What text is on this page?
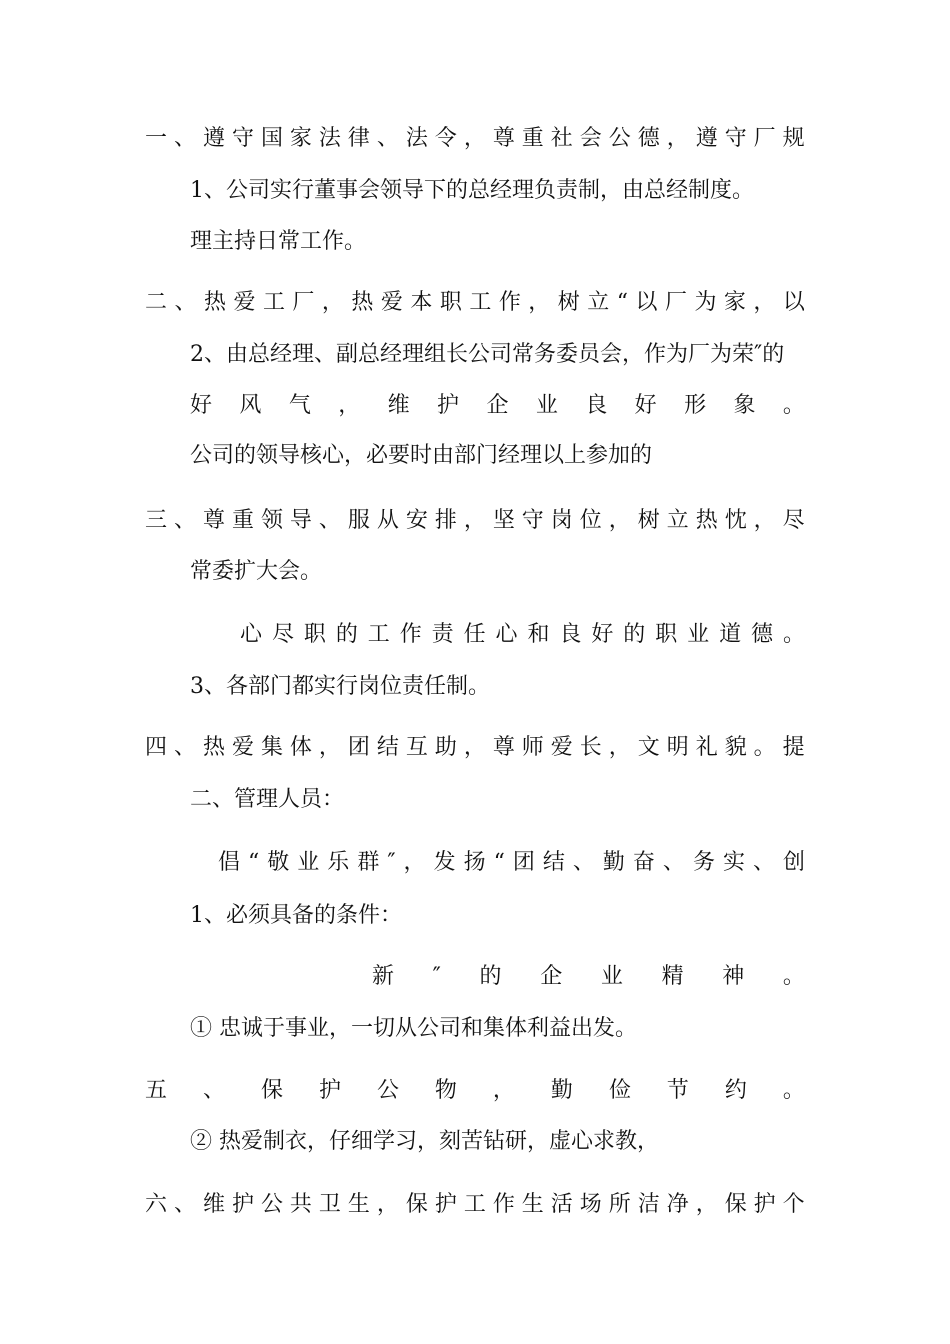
一 、 遵 守 国 家 法 律 、 法 令 ， 尊 重 社 会 公 德 ， 遵 守 厂 规
1、公司实行董事会领导下的总经理负责制，由总经制度。
理主持日常工作。
二 、 热 爱 工 厂 ， 热 爱 本 职 工 作 ， 树 立 “ 以 厂 为 家 ， 以
2、由总经理、副总经理组长公司常务委员会，作为厂为荣″的
好 风 气 ， 维 护 企 业 良 好 形 象 。
公司的领导核心，必要时由部门经理以上参加的
三 、 尊 重 领 导 、 服 从 安 排 ， 坚 守 岗 位 ， 树 立 热 忱 ， 尽
常委扩大会。
心 尽 职 的 工 作 责 任 心 和 良 好 的 职 业 道 德 。
3、各部门都实行岗位责任制。
四 、 热 爱 集 体 ， 团 结 互 助 ， 尊 师 爱 长 ， 文 明 礼 貌 。 提
二、管理人员：
倡 “ 敬 业 乐 群 ″ ， 发 扬 “ 团 结 、 勤 奋 、 务 实 、 创
1、必须具备的条件：
新 ″ 的 企 业 精 神 。
① 忠诚于事业，一切从公司和集体利益出发。
五 、 保 护 公 物 ， 勤 俭 节 约 。
② 热爱制衣，仔细学习，刻苦钻研，虚心求教，
六 、 维 护 公 共 卫 生 ， 保 护 工 作 生 活 场 所 洁 净 ， 保 护 个
